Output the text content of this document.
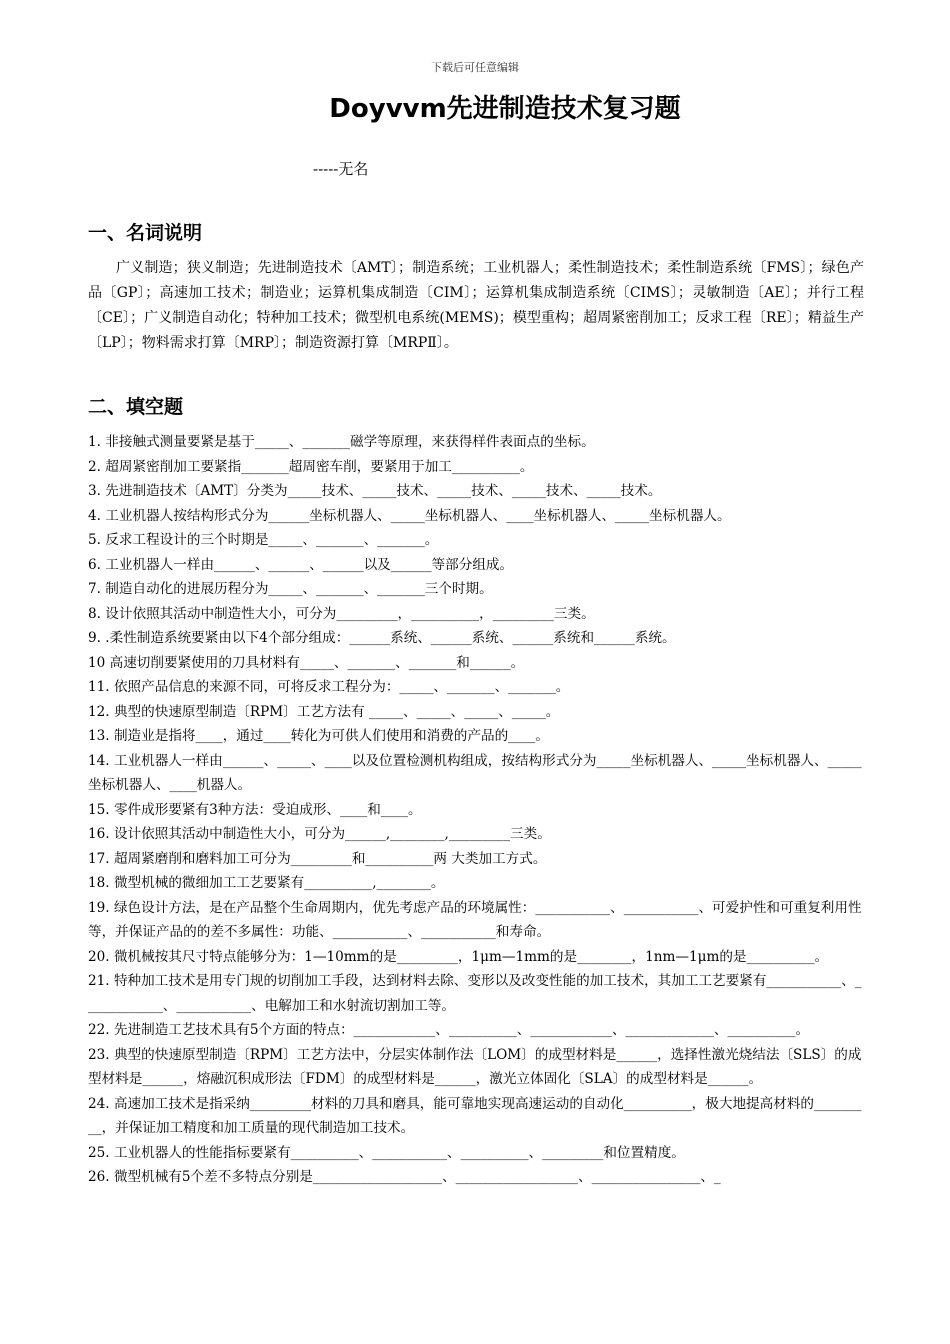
下载后可任意编辑
Doyvvm先进制造技术复习题
-----无名
一、名词说明
广义制造；狭义制造；先进制造技术〔AMT〕；制造系统；工业机器人；柔性制造技术；柔性制造系统〔FMS〕；绿色产品〔GP〕；高速加工技术；制造业；运算机集成制造〔CIM〕；运算机集成制造系统〔CIMS〕；灵敏制造〔AE〕；并行工程〔CE〕；广义制造自动化；特种加工技术；微型机电系统(MEMS)；模型重构；超周紧密削加工；反求工程〔RE〕；精益生产〔LP〕；物料需求打算〔MRP〕；制造资源打算〔MRPⅡ〕。
二、填空题
1. 非接触式测量要紧是基于_____、_______磁学等原理，来获得样件表面点的坐标。
2. 超周紧密削加工要紧指_______超周密车削，要紧用于加工__________。
3. 先进制造技术〔AMT〕分类为_____技术、_____技术、_____技术、_____技术、_____技术。
4. 工业机器人按结构形式分为______坐标机器人、_____坐标机器人、____坐标机器人、_____坐标机器人。
5. 反求工程设计的三个时期是_____、_______、_______。
6. 工业机器人一样由______、______、______以及______等部分组成。
7. 制造自动化的进展历程分为_____、_______、_______三个时期。
8. 设计依照其活动中制造性大小，可分为_________，__________，_________三类。
9. .柔性制造系统要紧由以下4个部分组成：______系统、______系统、______系统和______系统。
10 高速切削要紧使用的刀具材料有_____、_______、_______和______。
11. 依照产品信息的来源不同，可将反求工程分为：_____、_______、_______。
12. 典型的快速原型制造〔RPM〕工艺方法有 _____、_____、_____、_____。
13. 制造业是指将____，通过____转化为可供人们使用和消费的产品的____。
14. 工业机器人一样由______、_____、____以及位置检测机构组成，按结构形式分为_____坐标机器人、_____坐标机器人、_____坐标机器人、____机器人。
15. 零件成形要紧有3种方法：受迫成形、____和____。
16. 设计依照其活动中制造性大小，可分为______,________,_________三类。
17. 超周紧磨削和磨料加工可分为_________和__________两 大类加工方式。
18. 微型机械的微细加工工艺要紧有__________,________。
19. 绿色设计方法，是在产品整个生命周期内，优先考虑产品的环境属性：___________、___________、可爱护性和可重复利用性等，并保证产品的的差不多属性：功能、___________、___________和寿命。
20. 微机械按其尺寸特点能够分为：1—10mm的是_________，1μm—1mm的是________，1nm—1μm的是__________。
21. 特种加工技术是用专门规的切削加工手段，达到材料去除、变形以及改变性能的加工技术，其加工工艺要紧有___________、____________、___________、电解加工和水射流切割加工等。
22. 先进制造工艺技术具有5个方面的特点：____________、__________、____________、_____________、__________。
23. 典型的快速原型制造〔RPM〕工艺方法中，分层实体制作法〔LOM〕的成型材料是______，选择性激光烧结法〔SLS〕的成型材料是______，熔融沉积成形法〔FDM〕的成型材料是______，激光立体固化〔SLA〕的成型材料是______。
24. 高速加工技术是指采纳_________材料的刀具和磨具，能可靠地实现高速运动的自动化__________，极大地提高材料的_________，并保证加工精度和加工质量的现代制造加工技术。
25. 工业机器人的性能指标要紧有__________、___________、__________、_________和位置精度。
26. 微型机械有5个差不多特点分别是___________________、__________________、________________、_
